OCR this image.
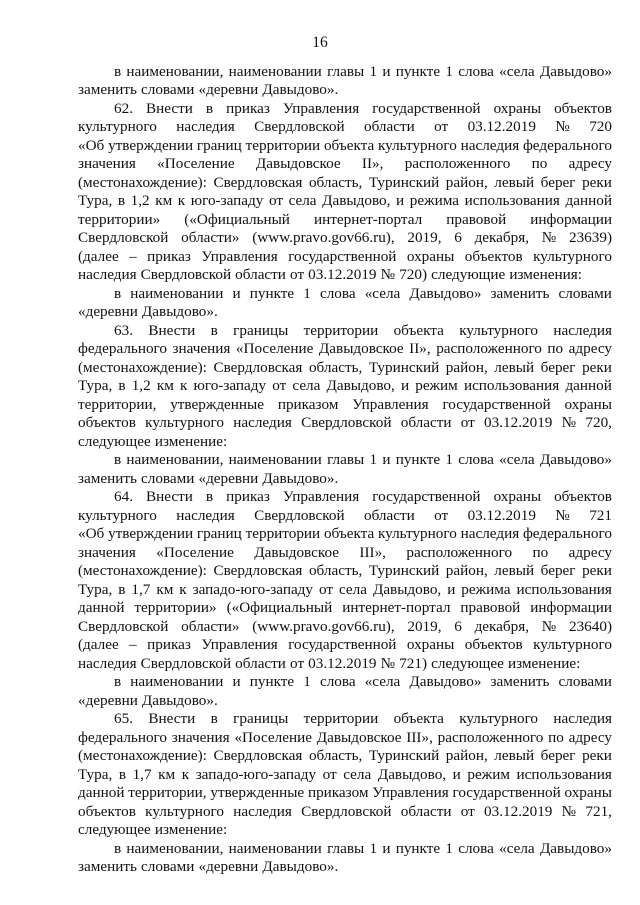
16
в наименовании, наименовании главы 1 и пункте 1 слова «села Давыдово»
заменить словами «деревни Давыдово».
62. Внести в приказ Управления государственной охраны объектов
культурного наследия Свердловской области от 03.12.2019 № 720
«Об утверждении границ территории объекта культурного наследия федерального
значения «Поселение Давыдовское II», расположенного по адресу
(местонахождение): Свердловская область, Туринский район, левый берег реки
Тура, в 1,2 км к юго-западу от села Давыдово, и режима использования данной
территории» («Официальный интернет-портал правовой информации
Свердловской области» (www.pravo.gov66.ru), 2019, 6 декабря, № 23639)
(далее – приказ Управления государственной охраны объектов культурного
наследия Свердловской области от 03.12.2019 № 720) следующие изменения:
в наименовании и пункте 1 слова «села Давыдово» заменить словами
«деревни Давыдово».
63. Внести в границы территории объекта культурного наследия
федерального значения «Поселение Давыдовское II», расположенного по адресу
(местонахождение): Свердловская область, Туринский район, левый берег реки
Тура, в 1,2 км к юго-западу от села Давыдово, и режим использования данной
территории, утвержденные приказом Управления государственной охраны
объектов культурного наследия Свердловской области от 03.12.2019 № 720,
следующее изменение:
в наименовании, наименовании главы 1 и пункте 1 слова «села Давыдово»
заменить словами «деревни Давыдово».
64. Внести в приказ Управления государственной охраны объектов
культурного наследия Свердловской области от 03.12.2019 № 721
«Об утверждении границ территории объекта культурного наследия федерального
значения «Поселение Давыдовское III», расположенного по адресу
(местонахождение): Свердловская область, Туринский район, левый берег реки
Тура, в 1,7 км к западо-юго-западу от села Давыдово, и режима использования
данной территории» («Официальный интернет-портал правовой информации
Свердловской области» (www.pravo.gov66.ru), 2019, 6 декабря, № 23640)
(далее – приказ Управления государственной охраны объектов культурного
наследия Свердловской области от 03.12.2019 № 721) следующее изменение:
в наименовании и пункте 1 слова «села Давыдово» заменить словами
«деревни Давыдово».
65. Внести в границы территории объекта культурного наследия
федерального значения «Поселение Давыдовское III», расположенного по адресу
(местонахождение): Свердловская область, Туринский район, левый берег реки
Тура, в 1,7 км к западо-юго-западу от села Давыдово, и режим использования
данной территории, утвержденные приказом Управления государственной охраны
объектов культурного наследия Свердловской области от 03.12.2019 № 721,
следующее изменение:
в наименовании, наименовании главы 1 и пункте 1 слова «села Давыдово»
заменить словами «деревни Давыдово».
